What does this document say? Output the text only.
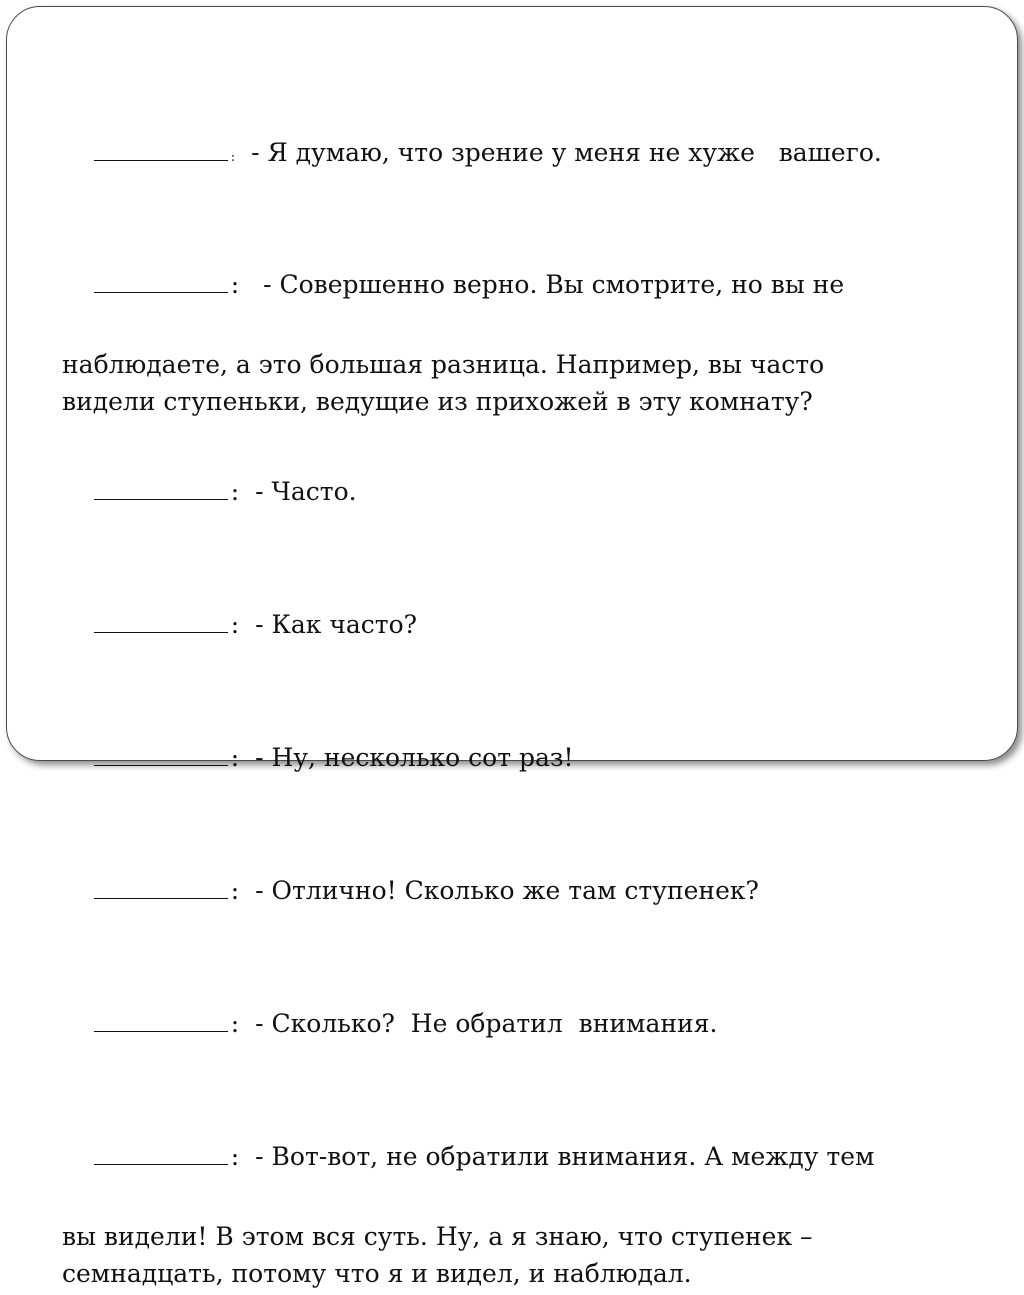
:  - Я думаю, что зрение у меня не хуже   вашего.

:   - Совершенно верно. Вы смотрите, но вы не

наблюдаете, а это большая разница. Например, вы часто
видели ступеньки, ведущие из прихожей в эту комнату?

:  - Часто.

:  - Как часто?

:  - Ну, несколько сот раз!

:  - Отлично! Сколько же там ступенек?

:  - Сколько?  Не обратил  внимания.

:  - Вот-вот, не обратили внимания. А между тем

вы видели! В этом вся суть. Ну, а я знаю, что ступенек –
семнадцать, потому что я и видел, и наблюдал.
